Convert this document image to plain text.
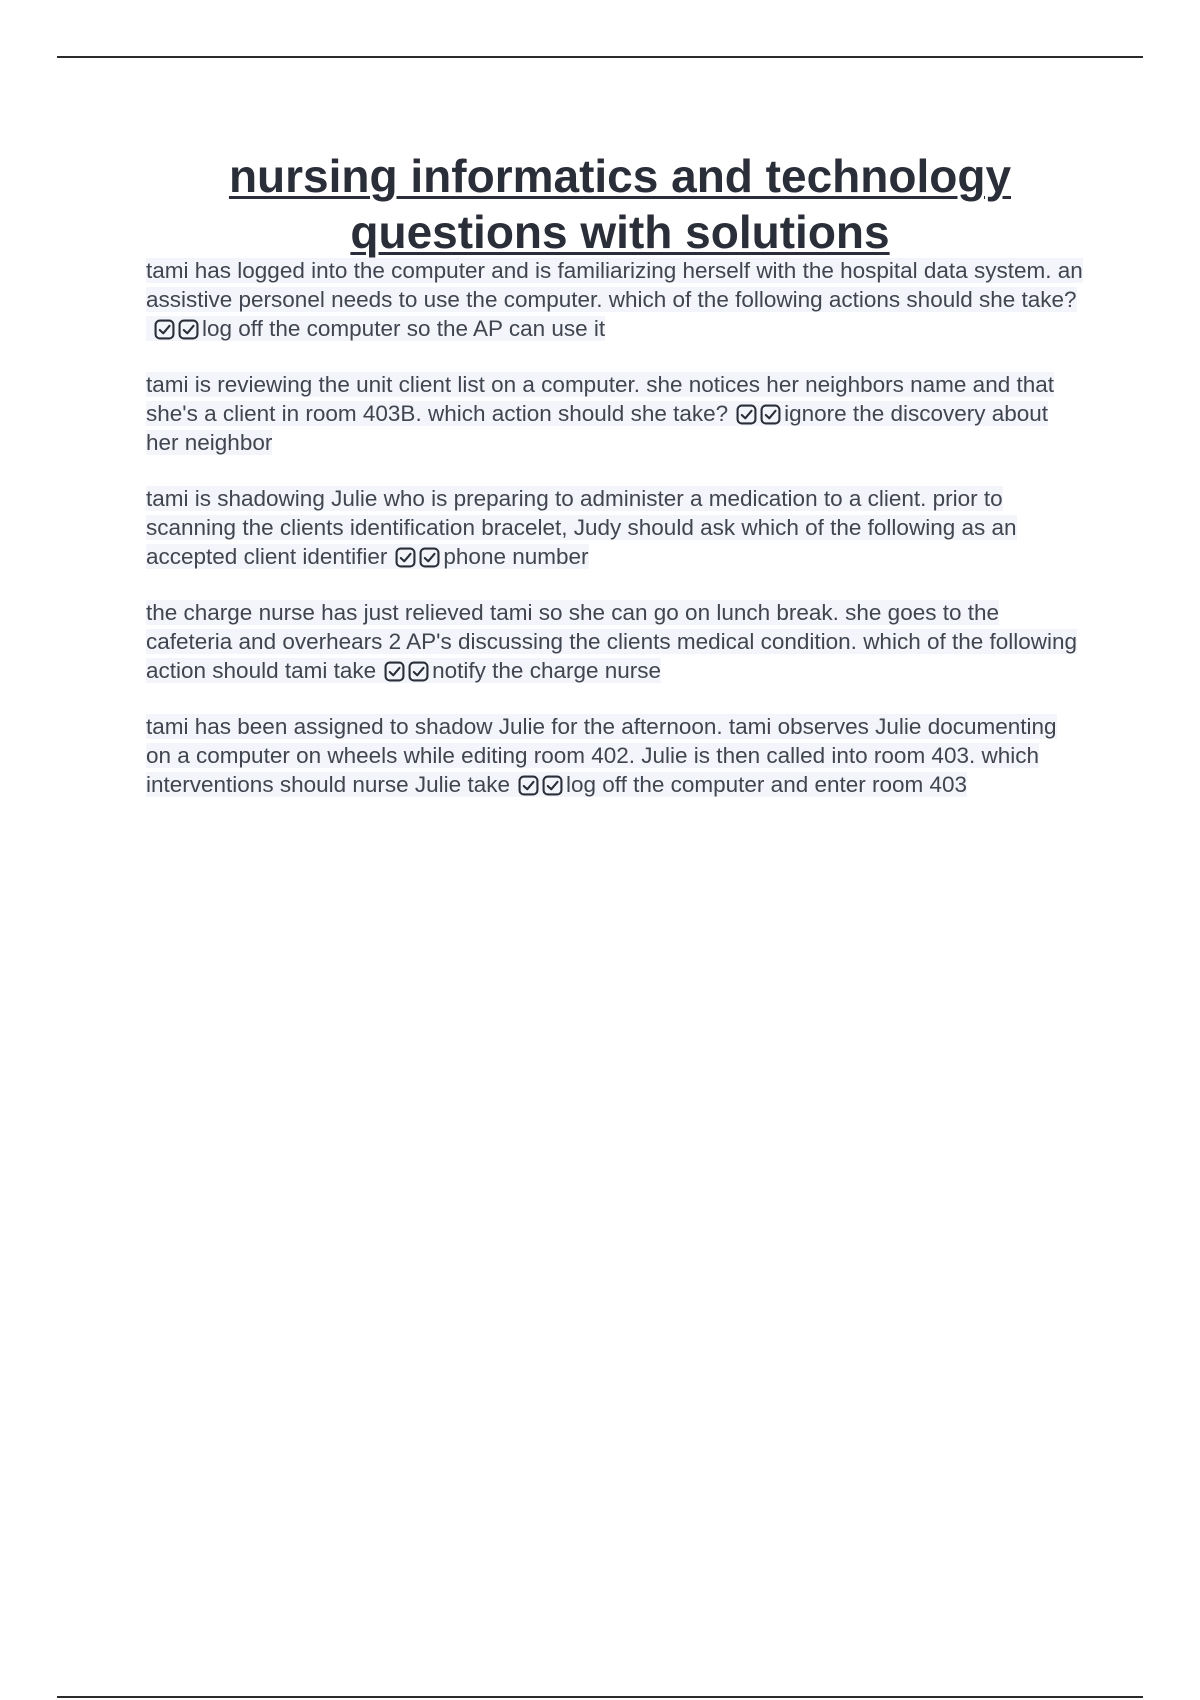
nursing informatics and technology questions with solutions

tami has logged into the computer and is familiarizing herself with the hospital data system. an assistive personel needs to use the computer. which of the following actions should she take?
log off the computer so the AP can use it

tami is reviewing the unit client list on a computer. she notices her neighbors name and that she's a client in room 403B. which action should she take? ignore the discovery about her neighbor

tami is shadowing Julie who is preparing to administer a medication to a client. prior to scanning the clients identification bracelet, Judy should ask which of the following as an accepted client identifier phone number

the charge nurse has just relieved tami so she can go on lunch break. she goes to the cafeteria and overhears 2 AP's discussing the clients medical condition. which of the following action should tami take notify the charge nurse

tami has been assigned to shadow Julie for the afternoon. tami observes Julie documenting on a computer on wheels while editing room 402. Julie is then called into room 403. which interventions should nurse Julie take log off the computer and enter room 403
